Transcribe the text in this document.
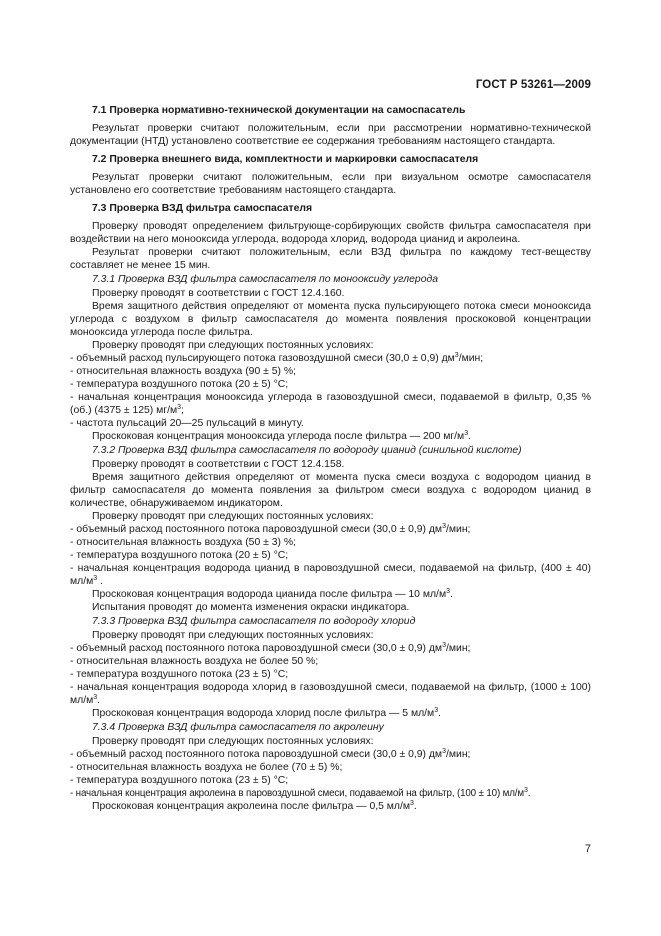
ГОСТ Р 53261—2009

7.1 Проверка нормативно-технической документации на самоспасатель

Результат проверки считают положительным, если при рассмотрении нормативно-технической документации (НТД) установлено соответствие ее содержания требованиям настоящего стандарта.

7.2 Проверка внешнего вида, комплектности и маркировки самоспасателя

Результат проверки считают положительным, если при визуальном осмотре самоспасателя установлено его соответствие требованиям настоящего стандарта.

7.3 Проверка ВЗД фильтра самоспасателя

Проверку проводят определением фильтрующе-сорбирующих свойств фильтра самоспасателя при воздействии на него монооксида углерода, водорода хлорид, водорода цианид и акролеина.

Результат проверки считают положительным, если ВЗД фильтра по каждому тест-веществу составляет не менее 15 мин.

7.3.1 Проверка ВЗД фильтра самоспасателя по монооксиду углерода

Проверку проводят в соответствии с ГОСТ 12.4.160.

Время защитного действия определяют от момента пуска пульсирующего потока смеси монооксида углерода с воздухом в фильтр самоспасателя до момента появления проскоковой концентрации монооксида углерода после фильтра.

Проверку проводят при следующих постоянных условиях:

- объемный расход пульсирующего потока газовоздушной смеси (30,0 ± 0,9) $дм^3$/мин;

- относительная влажность воздуха (90 ± 5) %;

- температура воздушного потока (20 ± 5) °С;

- начальная концентрация монооксида углерода в газовоздушной смеси, подаваемой в фильтр, 0,35 % (об.) (4375 ± 125) $мг/м^3$;

- частота пульсаций 20—25 пульсаций в минуту.

Проскоковая концентрация монооксида углерода после фильтра — 200 $мг/м^3$.

7.3.2 Проверка ВЗД фильтра самоспасателя по водороду цианид (синильной кислоте)

Проверку проводят в соответствии с ГОСТ 12.4.158.

Время защитного действия определяют от момента пуска смеси воздуха с водородом цианид в фильтр самоспасателя до момента появления за фильтром смеси воздуха с водородом цианид в количестве, обнаруживаемом индикатором.

Проверку проводят при следующих постоянных условиях:

- объемный расход постоянного потока паровоздушной смеси (30,0 ± 0,9) $дм^3$/мин;

- относительная влажность воздуха (50 ± 3) %;

- температура воздушного потока (20 ± 5) °С;

- начальная концентрация водорода цианид в паровоздушной смеси, подаваемой на фильтр, (400 ± 40) $мл/м^3$ .

Проскоковая концентрация водорода цианида после фильтра — 10 $мл/м^3$.

Испытания проводят до момента изменения окраски индикатора.

7.3.3 Проверка ВЗД фильтра самоспасателя по водороду хлорид

Проверку проводят при следующих постоянных условиях:

- объемный расход постоянного потока паровоздушной смеси (30,0 ± 0,9) $дм^3$/мин;

- относительная влажность воздуха не более 50 %;

- температура воздушного потока (23 ± 5) °С;

- начальная концентрация водорода хлорид в газовоздушной смеси, подаваемой на фильтр, (1000 ± 100) $мл/м^3$.

Проскоковая концентрация водорода хлорид после фильтра — 5 $мл/м^3$.

7.3.4 Проверка ВЗД фильтра самоспасателя по акролеину

Проверку проводят при следующих постоянных условиях:

- объемный расход постоянного потока паровоздушной смеси (30,0 ± 0,9) $дм^3$/мин;

- относительная влажность воздуха не более (70 ± 5) %;

- температура воздушного потока (23 ± 5) °С;

- начальная концентрация акролеина в паровоздушной смеси, подаваемой на фильтр, (100 ± 10) $мл/м^3$.

Проскоковая концентрация акролеина после фильтра — 0,5 $мл/м^3$.

7
